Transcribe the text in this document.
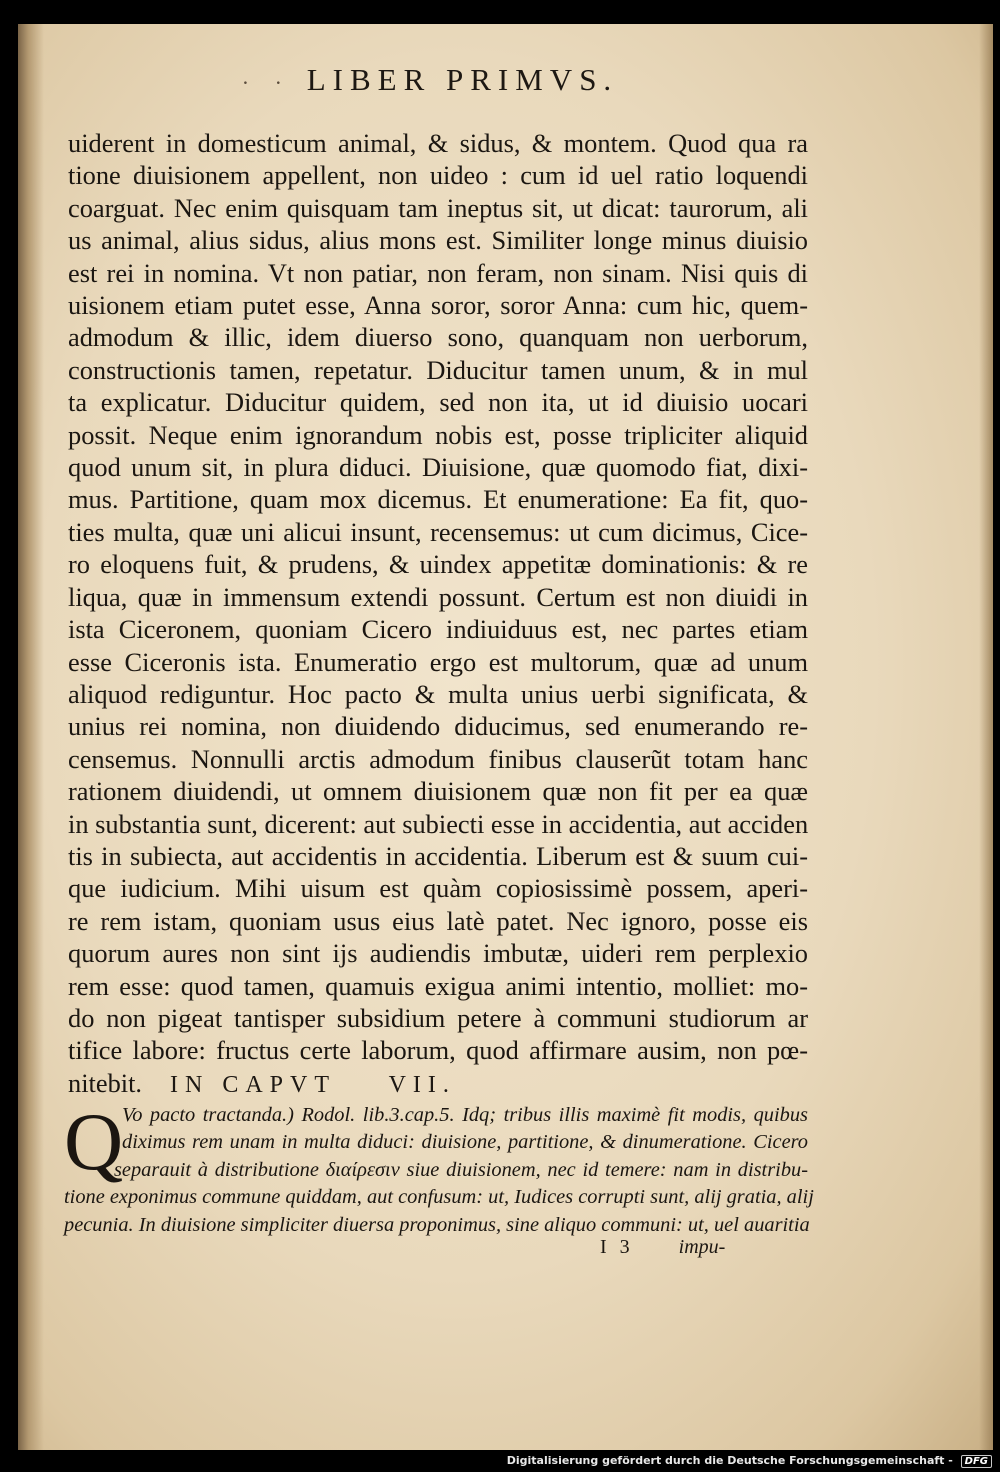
· · LIBER PRIMVS.
uiderent in domesticum animal, & sidus, & montem. Quod qua ra
tione diuisionem appellent, non uideo : cum id uel ratio loquendi
coarguat. Nec enim quisquam tam ineptus sit, ut dicat: taurorum, ali
us animal, alius sidus, alius mons est. Similiter longe minus diuisio
est rei in nomina. Vt non patiar, non feram, non sinam. Nisi quis di
uisionem etiam putet esse, Anna soror, soror Anna: cum hic, quem-
admodum & illic, idem diuerso sono, quanquam non uerborum,
constructionis tamen, repetatur. Diducitur tamen unum, & in mul
ta explicatur. Diducitur quidem, sed non ita, ut id diuisio uocari
possit. Neque enim ignorandum nobis est, posse tripliciter aliquid
quod unum sit, in plura diduci. Diuisione, quæ quomodo fiat, dixi-
mus. Partitione, quam mox dicemus. Et enumeratione: Ea fit, quo-
ties multa, quæ uni alicui insunt, recensemus: ut cum dicimus, Cice-
ro eloquens fuit, & prudens, & uindex appetitæ dominationis: & re
liqua, quæ in immensum extendi possunt. Certum est non diuidi in
ista Ciceronem, quoniam Cicero indiuiduus est, nec partes etiam
esse Ciceronis ista. Enumeratio ergo est multorum, quæ ad unum
aliquod rediguntur. Hoc pacto & multa unius uerbi significata, &
unius rei nomina, non diuidendo diducimus, sed enumerando re-
censemus. Nonnulli arctis admodum finibus clauserũt totam hanc
rationem diuidendi, ut omnem diuisionem quæ non fit per ea quæ
in substantia sunt, dicerent: aut subiecti esse in accidentia, aut acciden
tis in subiecta, aut accidentis in accidentia. Liberum est & suum cui-
que iudicium. Mihi uisum est quàm copiosissimè possem, aperi-
re rem istam, quoniam usus eius latè patet. Nec ignoro, posse eis
quorum aures non sint ijs audiendis imbutæ, uideri rem perplexio
rem esse: quod tamen, quamuis exigua animi intentio, molliet: mo-
do non pigeat tantisper subsidium petere à communi studiorum ar
tifice labore: fructus certe laborum, quod affirmare ausim, non pœ-
nitebit.	IN CAPVT VII.
Q
Vo pacto tractanda.) Rodol. lib.3.cap.5. Idq; tribus illis maximè fit modis, quibus
diximus rem unam in multa diduci: diuisione, partitione, & dinumeratione. Cicero
separauit à distributione διαίρεσιν siue diuisionem, nec id temere: nam in distribu-
tione exponimus commune quiddam, aut confusum: ut, Iudices corrupti sunt, alij gratia, alij
pecunia. In diuisione simpliciter diuersa proponimus, sine aliquo communi: ut, uel auaritia
I 3 impu-
Digitalisierung gefördert durch die Deutsche Forschungsgemeinschaft - DFG
